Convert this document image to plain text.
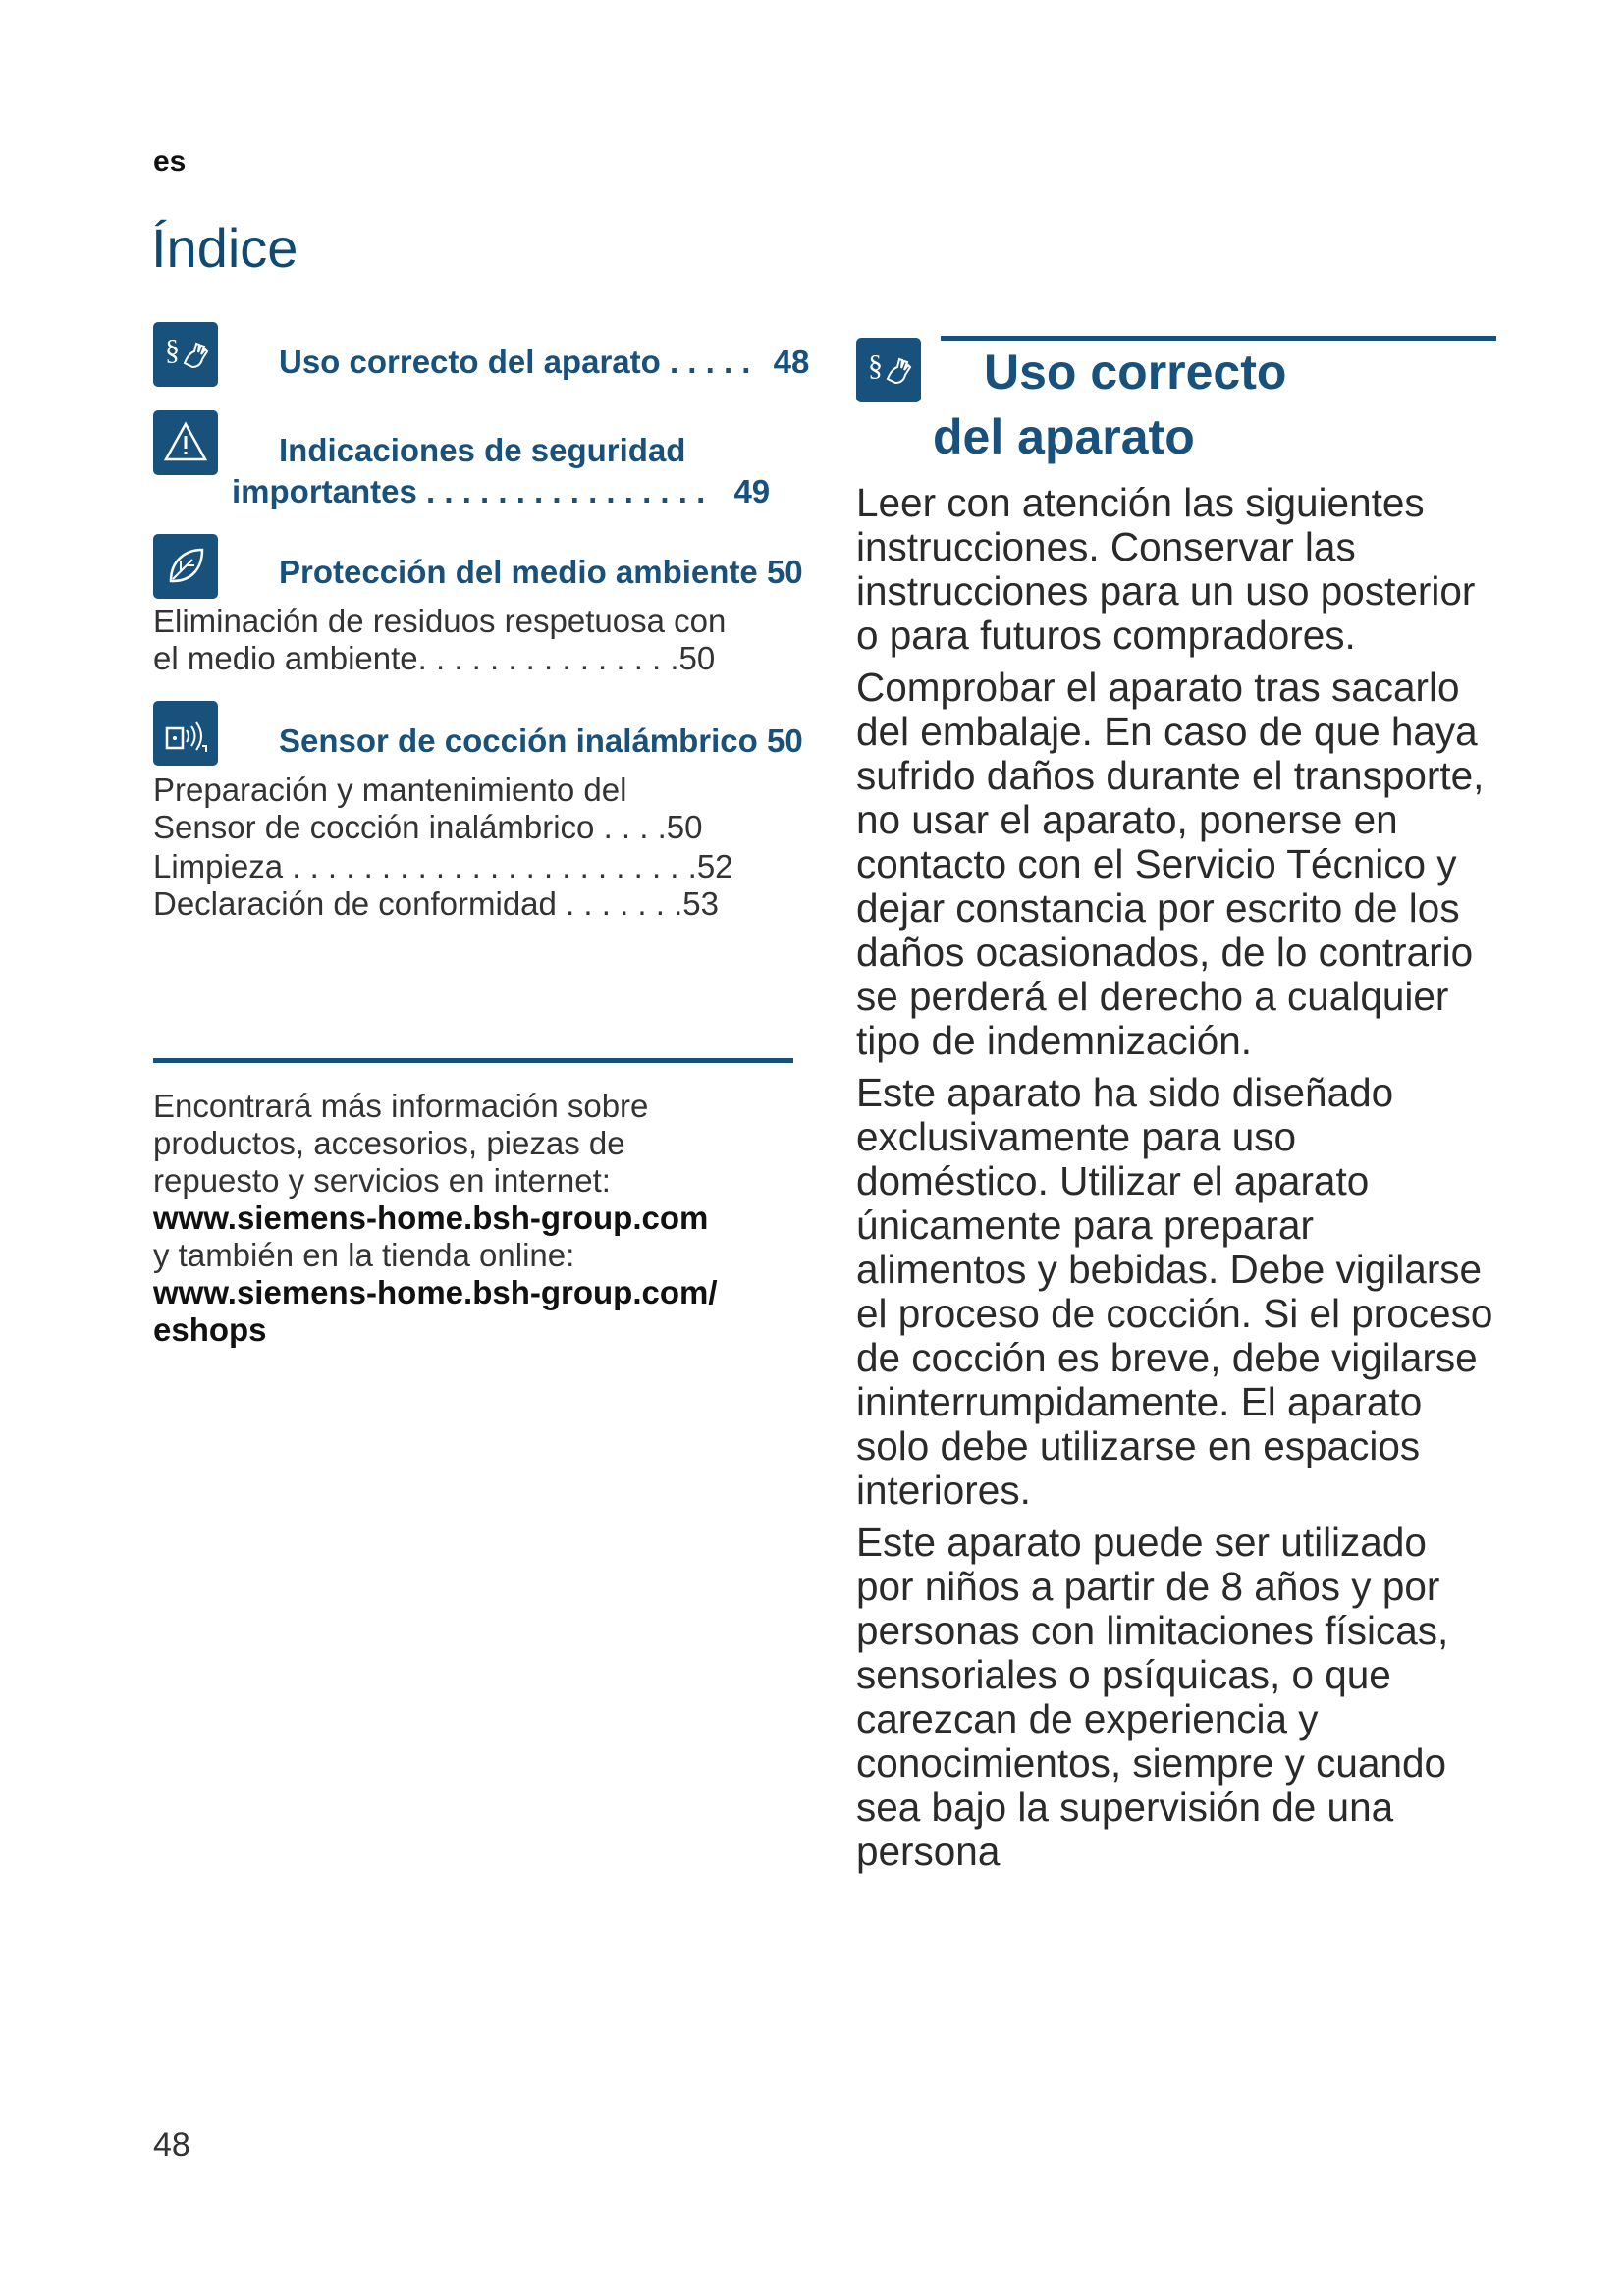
es
Índice
§	Uso correcto del aparato . . . . . 48
Indicaciones de seguridad
importantes . . . . . . . . . . . . . . . . 49
Protección del medio ambiente 50
Eliminación de residuos respetuosa con
el medio ambiente. . . . . . . . . . . . . . .50
Sensor de cocción inalámbrico 50
Preparación y mantenimiento del
Sensor de cocción inalámbrico . . . .50
Limpieza . . . . . . . . . . . . . . . . . . . . . . .52
Declaración de conformidad . . . . . . .53
Encontrará más información sobre
productos, accesorios, piezas de
repuesto y servicios en internet:
www.siemens-home.bsh-group.com
y también en la tienda online:
www.siemens-home.bsh-group.com/
eshops
§ Uso correcto
del aparato

Leer con atención las siguientes instrucciones. Conservar las instrucciones para un uso posterior o para futuros compradores.

Comprobar el aparato tras sacarlo del embalaje. En caso de que haya sufrido daños durante el transporte, no usar el aparato, ponerse en contacto con el Servicio Técnico y dejar constancia por escrito de los daños ocasionados, de lo contrario se perderá el derecho a cualquier tipo de indemnización.

Este aparato ha sido diseñado exclusivamente para uso doméstico. Utilizar el aparato únicamente para preparar alimentos y bebidas. Debe vigilarse el proceso de cocción. Si el proceso de cocción es breve, debe vigilarse ininterrumpidamente. El aparato solo debe utilizarse en espacios interiores.

Este aparato puede ser utilizado por niños a partir de 8 años y por personas con limitaciones físicas, sensoriales o psíquicas, o que carezcan de experiencia y conocimientos, siempre y cuando sea bajo la supervisión de una persona

48
